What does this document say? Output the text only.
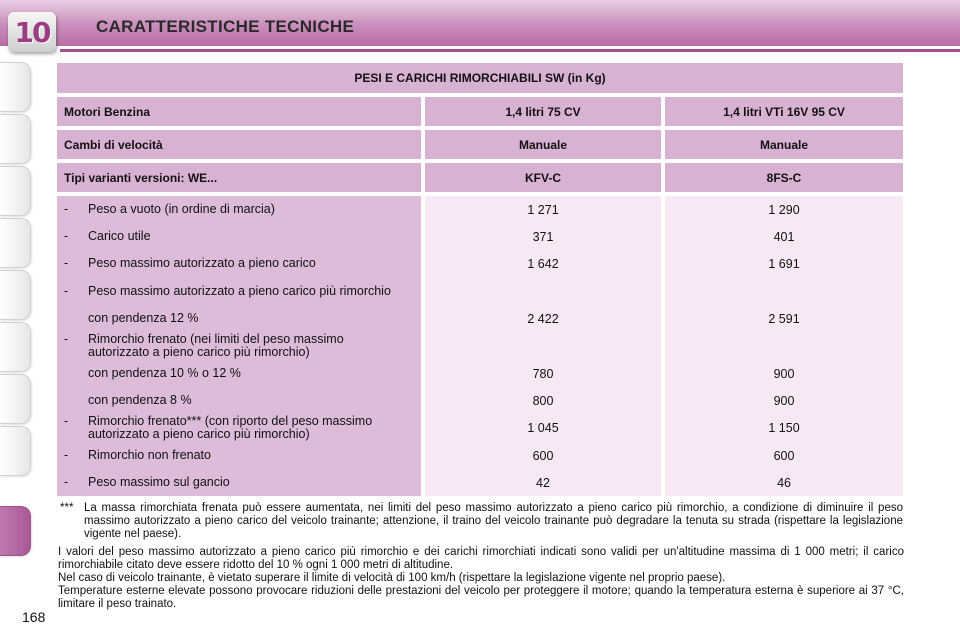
10	CARATTERISTICHE TECNICHE
PESI E CARICHI RIMORCHIABILI SW (in Kg)		

Motori Benzina	1,4 litri 75 CV	1,4 litri VTi 16V 95 CV

Cambi di velocità	Manuale	Manuale

Tipi varianti versioni: WE...	KFV-C	8FS-C

- Peso a vuoto (in ordine di marcia)	1 271	1 290

- Carico utile	371	401

- Peso massimo autorizzato a pieno carico	1 642	1 691

- Peso massimo autorizzato a pieno carico più rimorchio		

con pendenza 12 %	2 422	2 591

- Rimorchio frenato (nei limiti del peso massimo autorizzato a pieno carico più rimorchio)		

con pendenza 10 % o 12 %	780	900

con pendenza 8 %	800	900

- Rimorchio frenato*** (con riporto del peso massimo autorizzato a pieno carico più rimorchio)	1 045	1 150

- Rimorchio non frenato	600	600

- Peso massimo sul gancio	42	46
*** La massa rimorchiata frenata può essere aumentata, nei limiti del peso massimo autorizzato a pieno carico più rimorchio, a condizione di diminuire il peso massimo autorizzato a pieno carico del veicolo trainante; attenzione, il traino del veicolo trainante può degradare la tenuta su strada (rispettare la legislazione vigente nel paese).
I valori del peso massimo autorizzato a pieno carico più rimorchio e dei carichi rimorchiati indicati sono validi per un'altitudine massima di 1 000 metri; il carico rimorchiabile citato deve essere ridotto del 10 % ogni 1 000 metri di altitudine.
Nel caso di veicolo trainante, è vietato superare il limite di velocità di 100 km/h (rispettare la legislazione vigente nel proprio paese).
Temperature esterne elevate possono provocare riduzioni delle prestazioni del veicolo per proteggere il motore; quando la temperatura esterna è superiore ai 37 °C, limitare il peso trainato.
168
